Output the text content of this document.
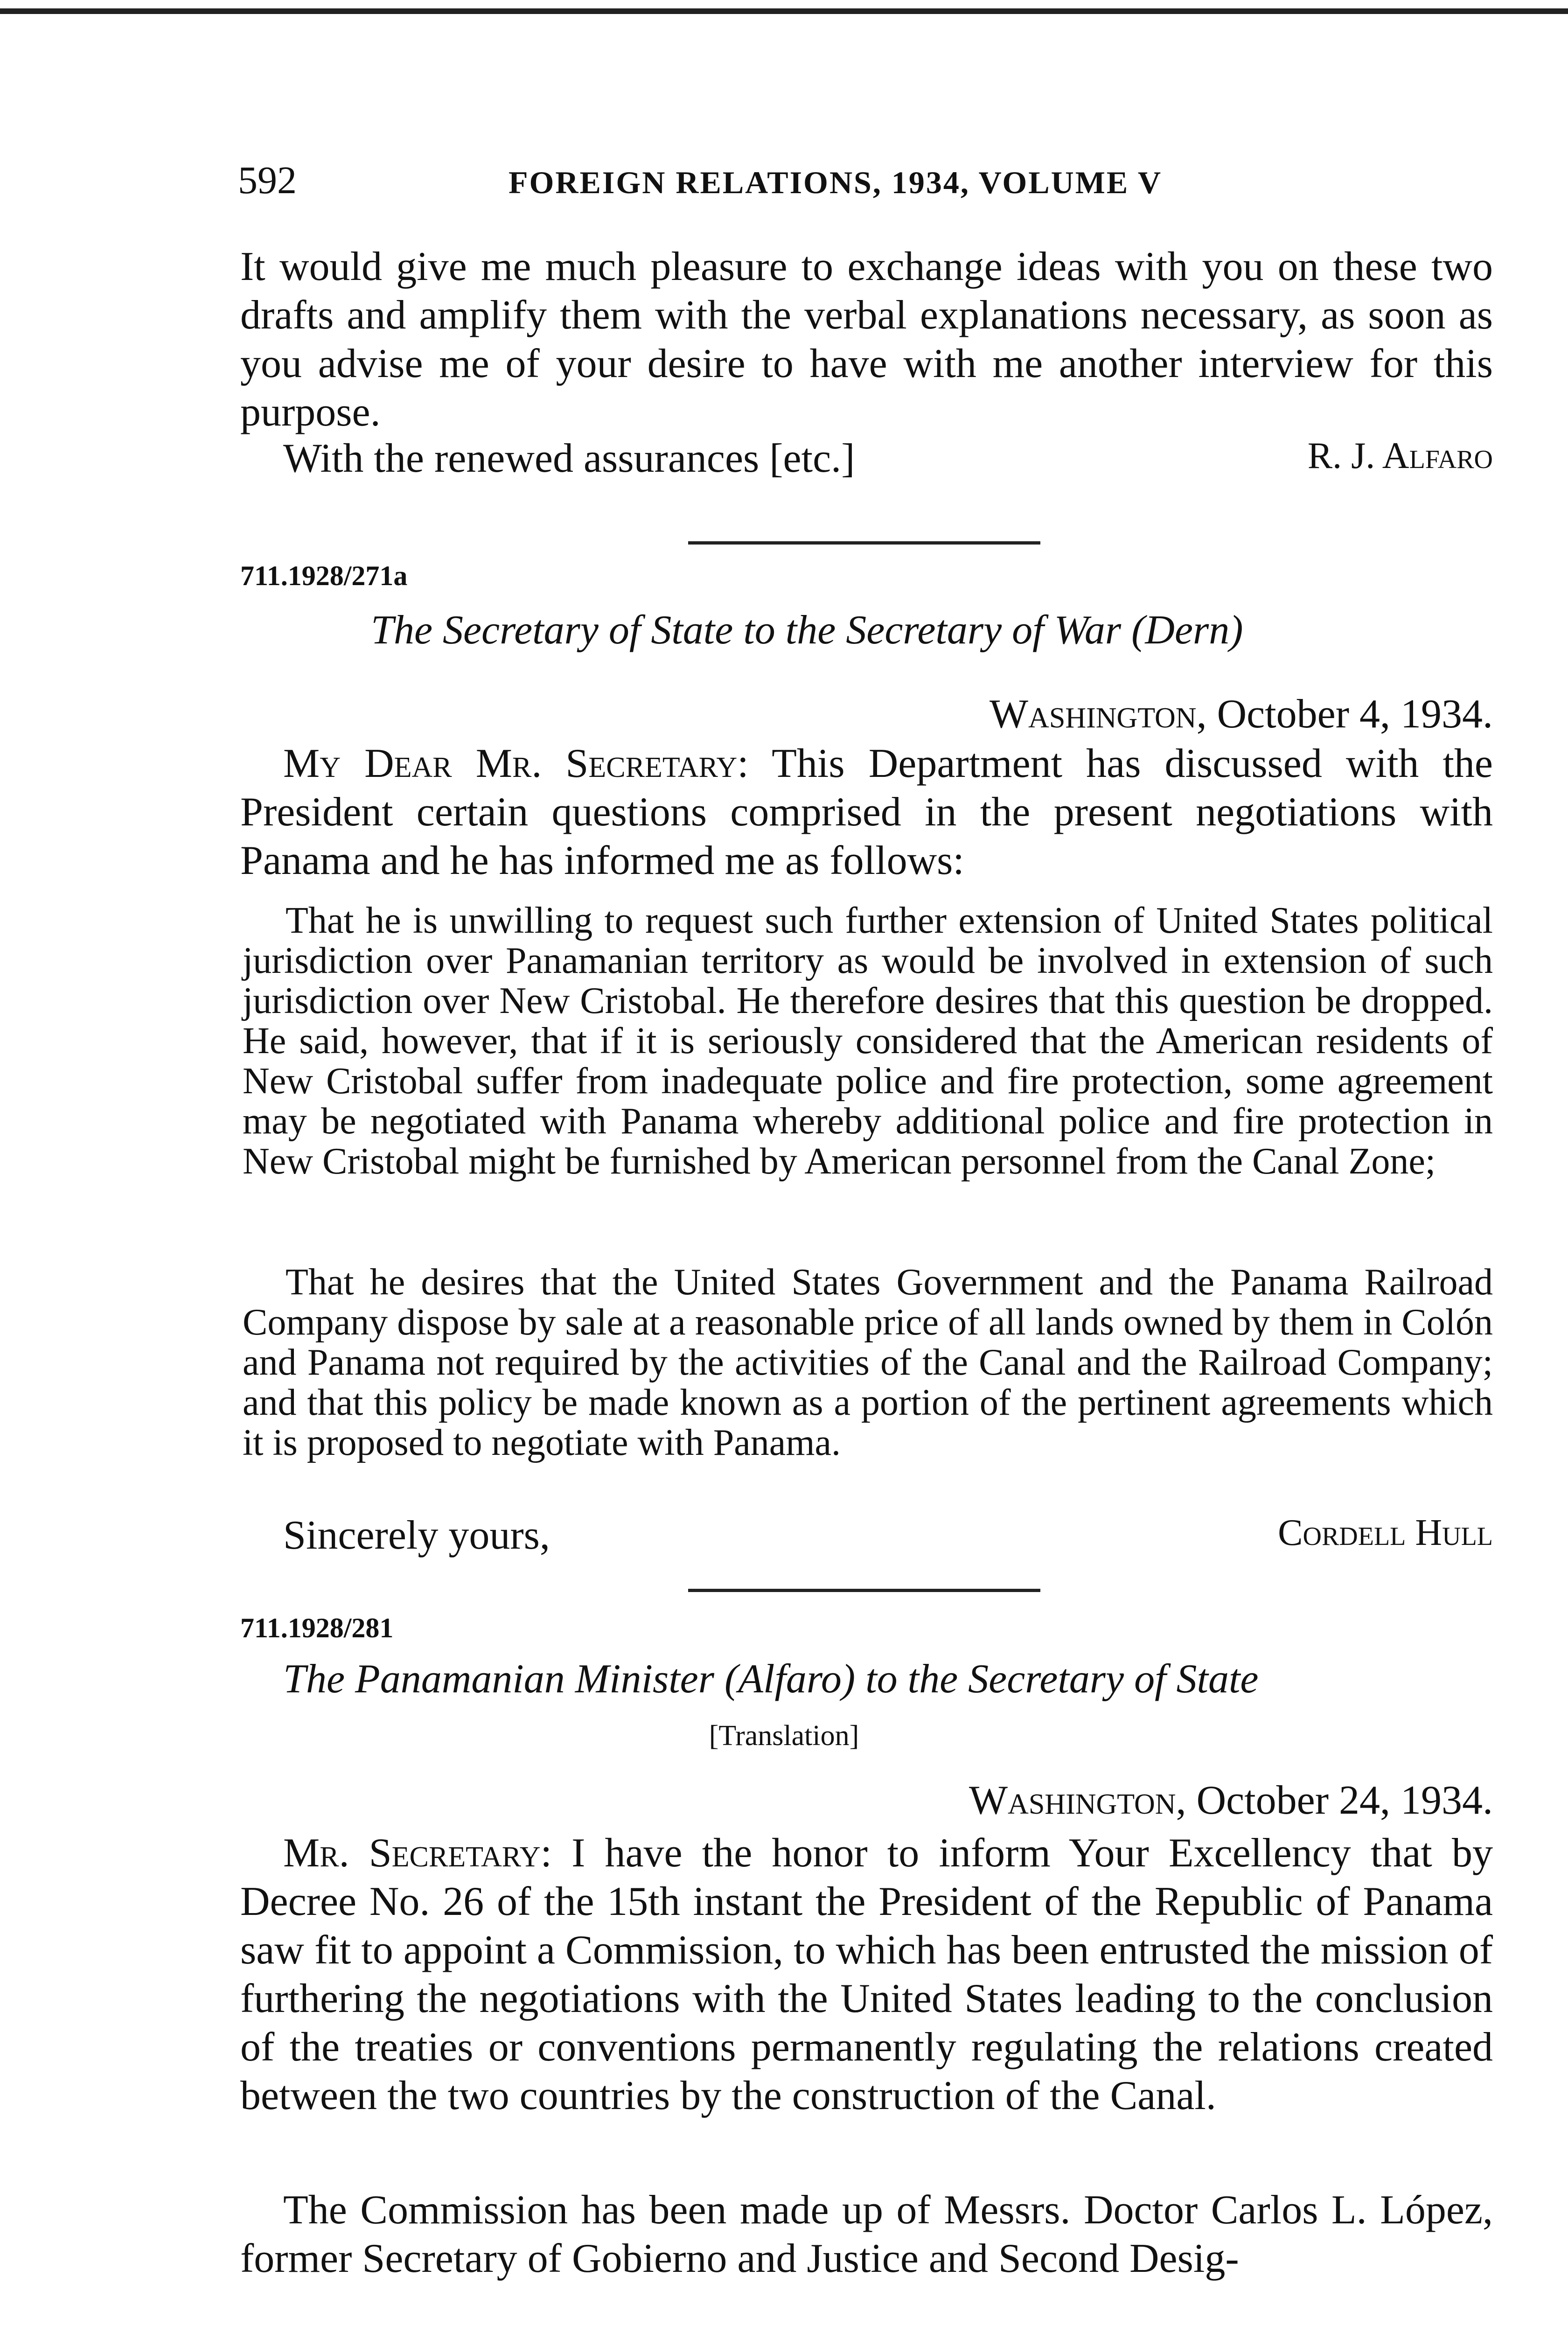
592	FOREIGN RELATIONS, 1934, VOLUME V

It would give me much pleasure to exchange ideas with you on these two drafts and amplify them with the verbal explanations necessary, as soon as you advise me of your desire to have with me another interview for this purpose.

With the renewed assurances [etc.]	R. J. Alfaro
711.1928/271a
The Secretary of State to the Secretary of War (Dern)
Washington, October 4, 1934.

My Dear Mr. Secretary: This Department has discussed with the President certain questions comprised in the present negotiations with Panama and he has informed me as follows:

That he is unwilling to request such further extension of United States political jurisdiction over Panamanian territory as would be involved in extension of such jurisdiction over New Cristobal. He therefore desires that this question be dropped. He said, however, that if it is seriously considered that the American residents of New Cristobal suffer from inadequate police and fire protection, some agreement may be negotiated with Panama whereby additional police and fire protection in New Cristobal might be furnished by American personnel from the Canal Zone;

That he desires that the United States Government and the Panama Railroad Company dispose by sale at a reasonable price of all lands owned by them in Colón and Panama not required by the activities of the Canal and the Railroad Company; and that this policy be made known as a portion of the pertinent agreements which it is proposed to negotiate with Panama.

Sincerely yours,	Cordell Hull
711.1928/281
The Panamanian Minister (Alfaro) to the Secretary of State
[Translation]
Washington, October 24, 1934.

Mr. Secretary: I have the honor to inform Your Excellency that by Decree No. 26 of the 15th instant the President of the Republic of Panama saw fit to appoint a Commission, to which has been entrusted the mission of furthering the negotiations with the United States leading to the conclusion of the treaties or conventions permanently regulating the relations created between the two countries by the construction of the Canal.

The Commission has been made up of Messrs. Doctor Carlos L. López, former Secretary of Gobierno and Justice and Second Desig-
